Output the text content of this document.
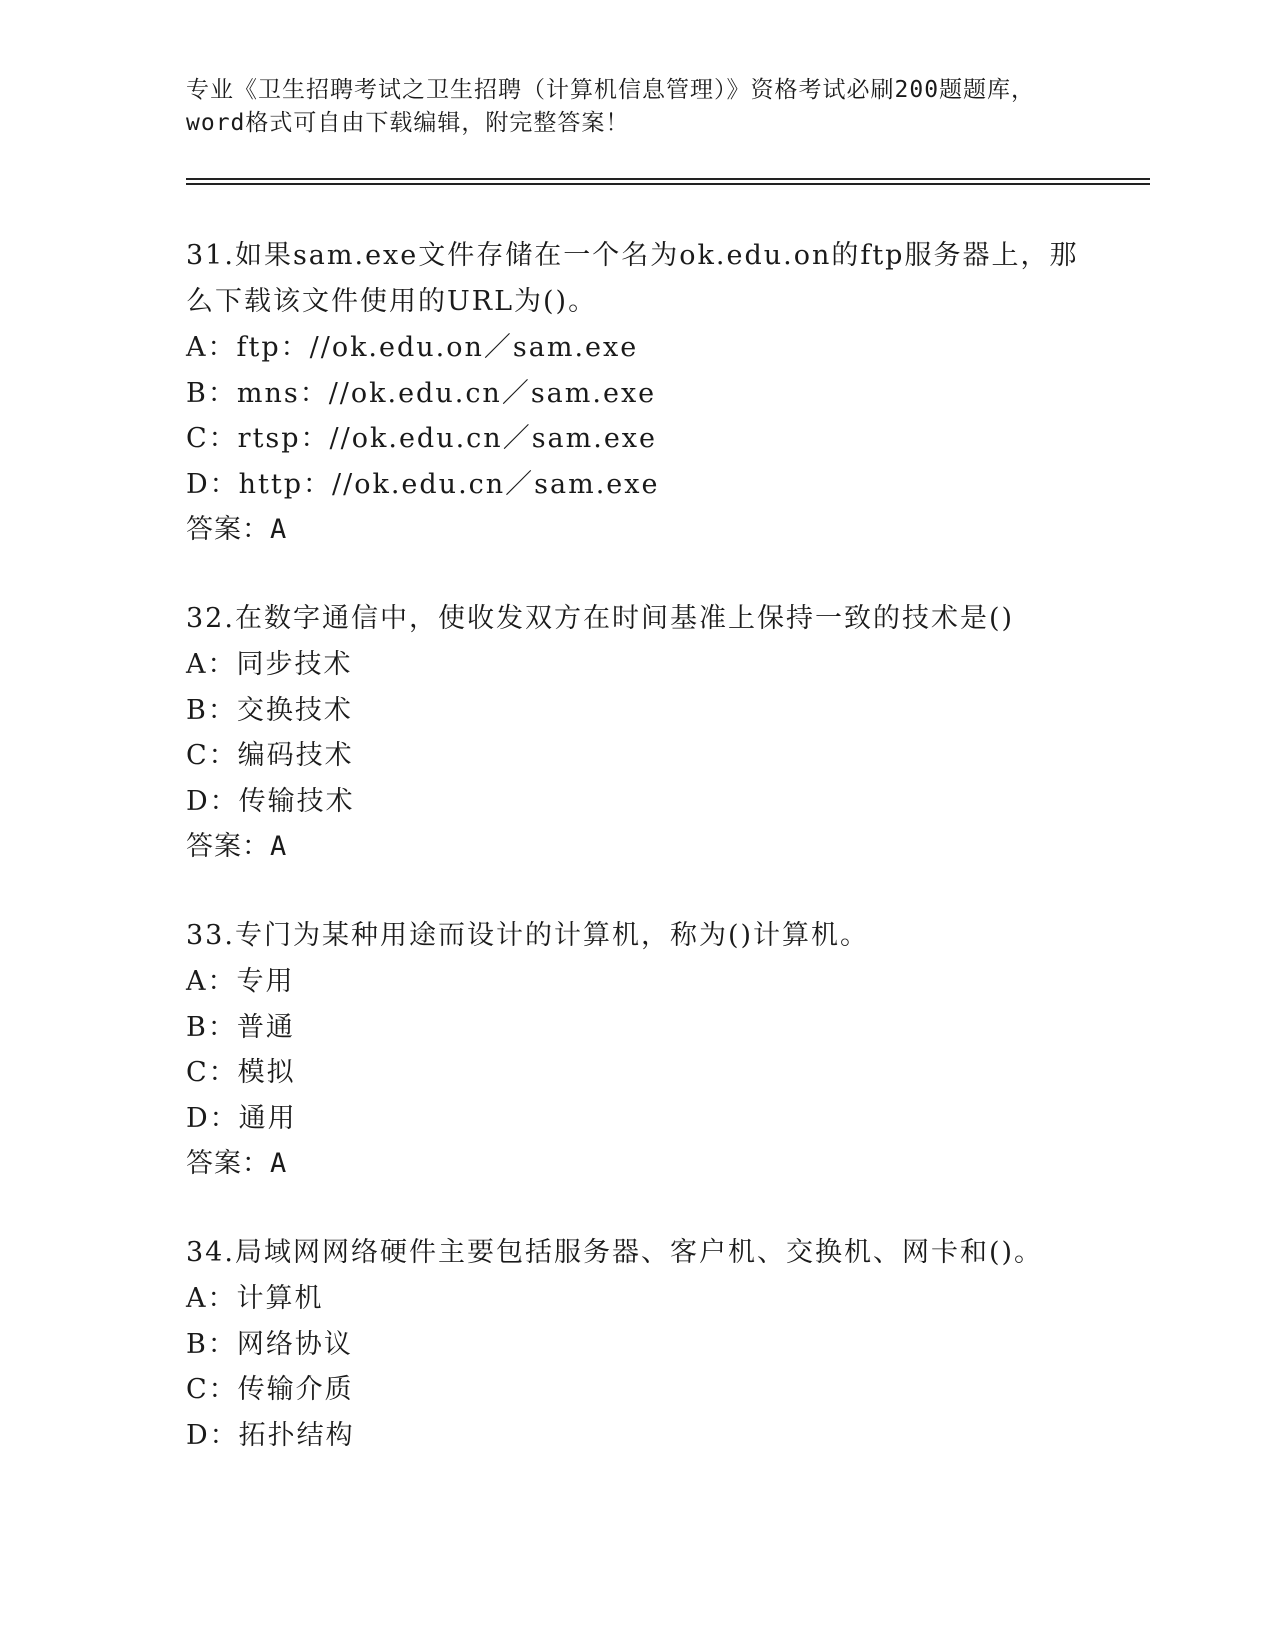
专业《卫生招聘考试之卫生招聘（计算机信息管理）》资格考试必刷200题题库，
word格式可自由下载编辑，附完整答案！
31.如果sam.exe文件存储在一个名为ok.edu.on的ftp服务器上，那
么下载该文件使用的URL为()。
A：ftp：//ok.edu.on／sam.exe
B：mns：//ok.edu.cn／sam.exe
C：rtsp：//ok.edu.cn／sam.exe
D：http：//ok.edu.cn／sam.exe
答案：A
32.在数字通信中，使收发双方在时间基准上保持一致的技术是()
A：同步技术
B：交换技术
C：编码技术
D：传输技术
答案：A
33.专门为某种用途而设计的计算机，称为()计算机。
A：专用
B：普通
C：模拟
D：通用
答案：A
34.局域网网络硬件主要包括服务器、客户机、交换机、网卡和()。
A：计算机
B：网络协议
C：传输介质
D：拓扑结构
